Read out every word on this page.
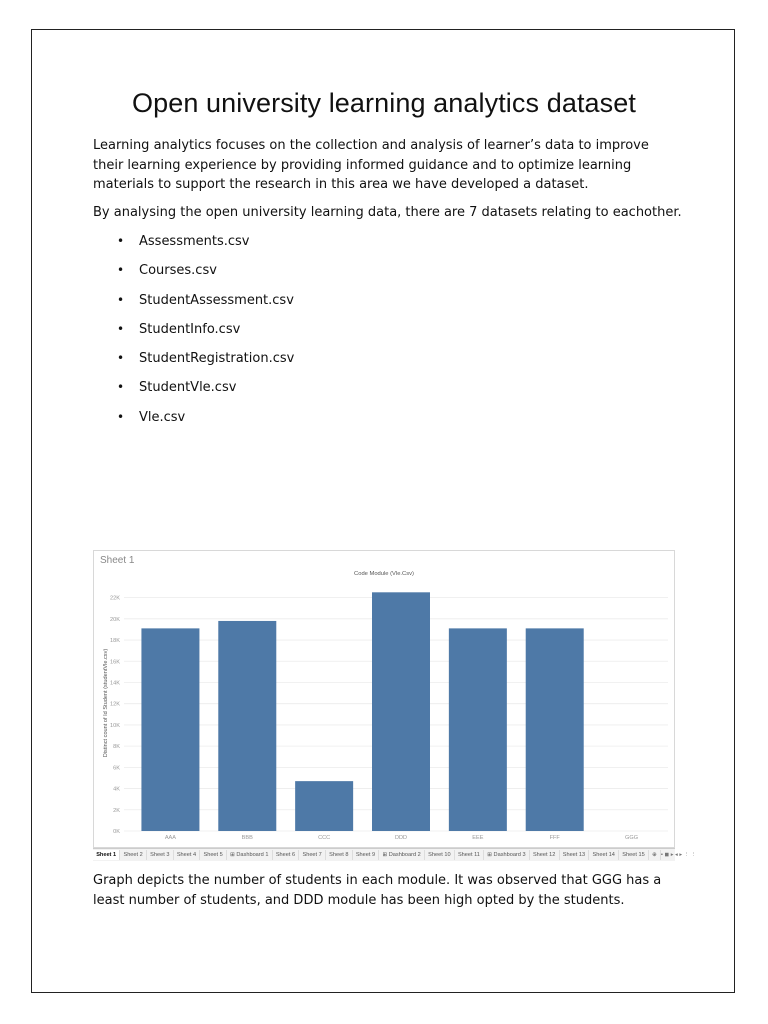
Open university learning analytics dataset

Learning analytics focuses on the collection and analysis of learner’s data to improve their learning experience by providing informed guidance and to optimize learning materials to support the research in this area we have developed a dataset.

By analysing the open university learning data, there are 7 datasets relating to eachother.

• Assessments.csv
• Courses.csv
• StudentAssessment.csv
• StudentInfo.csv
• StudentRegistration.csv
• StudentVle.csv
• Vle.csv
Sheet 1
0K
2K
4K
6K
8K
10K
12K
14K
16K
18K
20K
22K
AAA	BBB	CCC	DDD	EEE	FFF	GGG
Code Module (Vle.Csv)
Distinct count of Id Student (studentVle.csv)
Sheet 1	Sheet 2	Sheet 3	Sheet 4	Sheet 5	⊞ Dashboard 1	Sheet 6	Sheet 7	Sheet 8	Sheet 9	⊞ Dashboard 2	Sheet 10	Sheet 11	⊞ Dashboard 3	Sheet 12	Sheet 13	Sheet 14	Sheet 15	⊕ ▪ ◼ ▸ ◂ ▸ ⋮ ⋮

Graph depicts the number of students in each module. It was observed that GGG has a least number of students, and DDD module has been high opted by the students.
